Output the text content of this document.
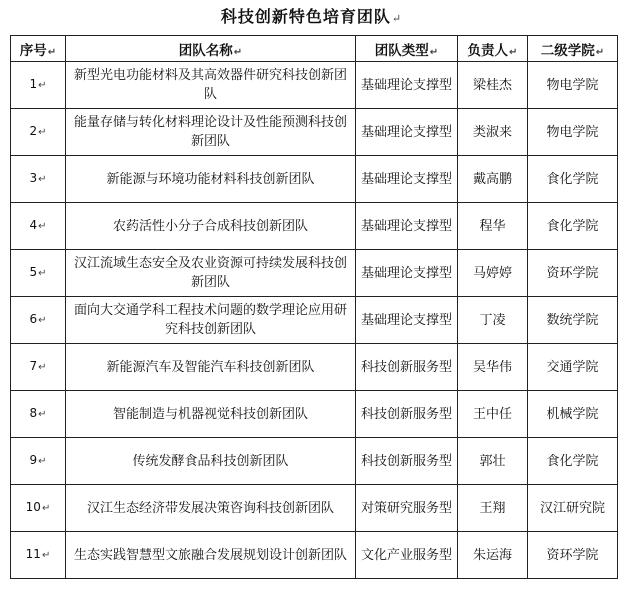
科技创新特色培育团队↵
序号↵	团队名称↵	团队类型↵	负责人↵	二级学院↵
1↵	新型光电功能材料及其高效器件研究科技创新团队	基础理论支撑型	梁桂杰	物电学院
2↵	能量存储与转化材料理论设计及性能预测科技创新团队	基础理论支撑型	类淑来	物电学院
3↵	新能源与环境功能材料科技创新团队	基础理论支撑型	戴高鹏	食化学院
4↵	农药活性小分子合成科技创新团队	基础理论支撑型	程华	食化学院
5↵	汉江流域生态安全及农业资源可持续发展科技创新团队	基础理论支撑型	马婷婷	资环学院
6↵	面向大交通学科工程技术问题的数学理论应用研究科技创新团队	基础理论支撑型	丁凌	数统学院
7↵	新能源汽车及智能汽车科技创新团队	科技创新服务型	吴华伟	交通学院
8↵	智能制造与机器视觉科技创新团队	科技创新服务型	王中任	机械学院
9↵	传统发酵食品科技创新团队	科技创新服务型	郭壮	食化学院
10↵	汉江生态经济带发展决策咨询科技创新团队	对策研究服务型	王翔	汉江研究院
11↵	生态实践智慧型文旅融合发展规划设计创新团队	文化产业服务型	朱运海	资环学院
